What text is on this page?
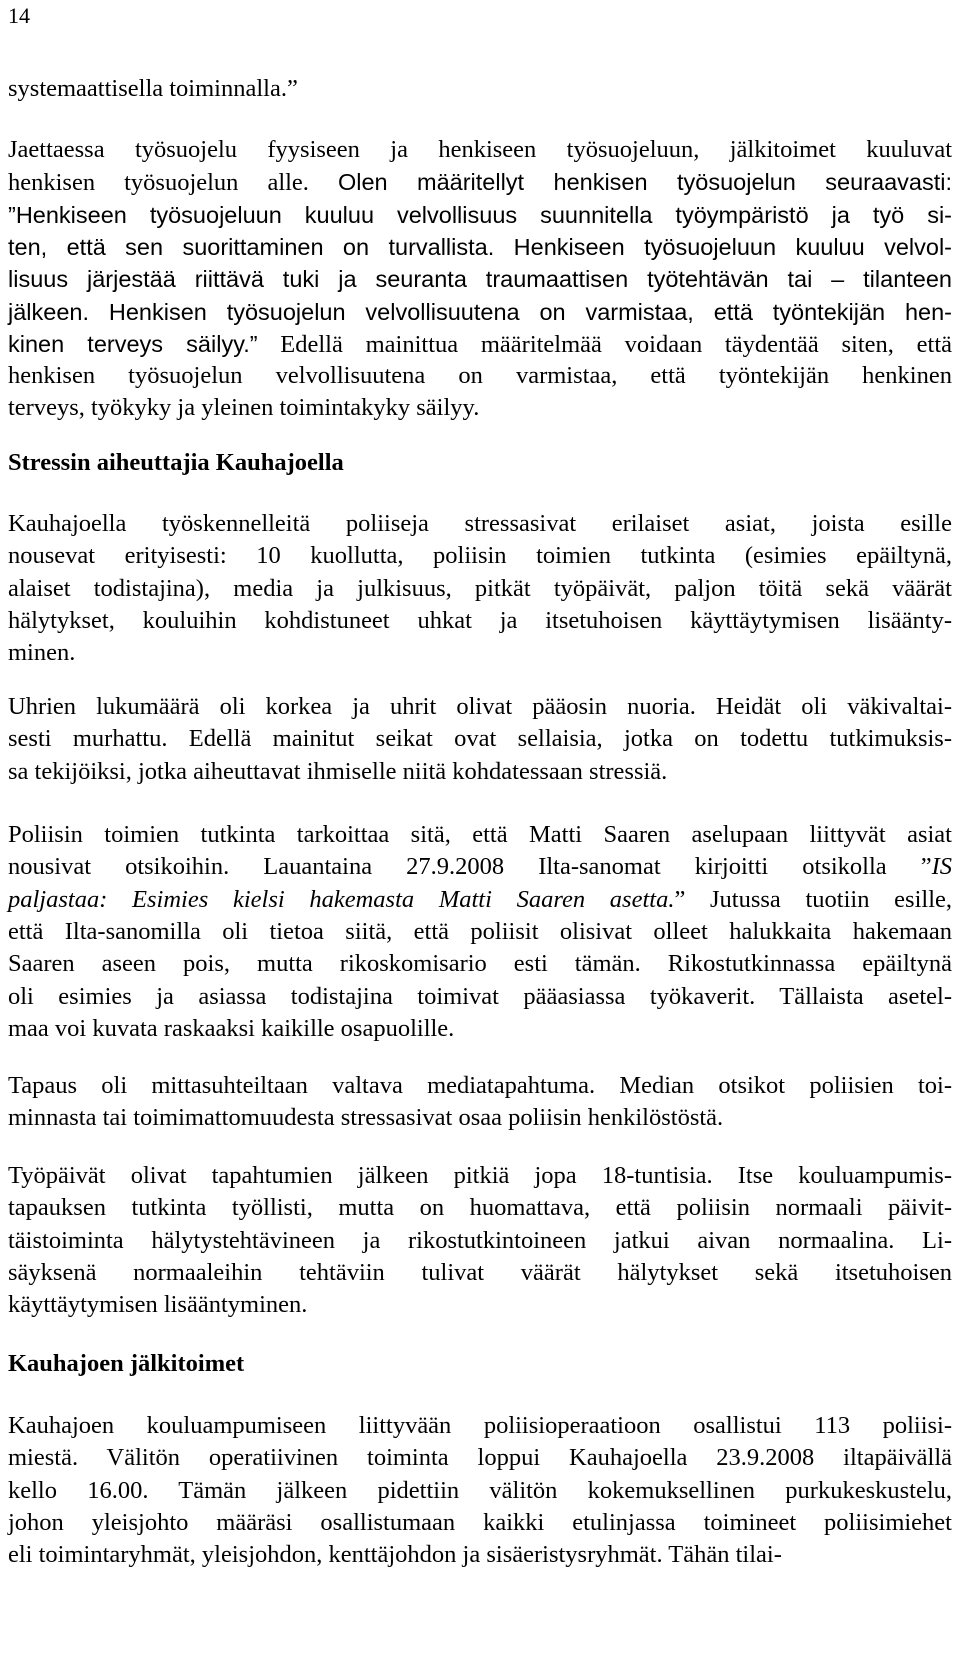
14
systemaattisella toiminnalla.”
Jaettaessa työsuojelu fyysiseen ja henkiseen työsuojeluun, jälkitoimet kuuluvat
henkisen työsuojelun alle. Olen määritellyt henkisen työsuojelun seuraavasti:
”Henkiseen työsuojeluun kuuluu velvollisuus suunnitella työympäristö ja työ si-
ten, että sen suorittaminen on turvallista. Henkiseen työsuojeluun kuuluu velvol-
lisuus järjestää riittävä tuki ja seuranta traumaattisen työtehtävän tai – tilanteen
jälkeen. Henkisen työsuojelun velvollisuutena on varmistaa, että työntekijän hen-
kinen terveys säilyy.” Edellä mainittua määritelmää voidaan täydentää siten, että
henkisen työsuojelun velvollisuutena on varmistaa, että työntekijän henkinen
terveys, työkyky ja yleinen toimintakyky säilyy.
Stressin aiheuttajia Kauhajoella
Kauhajoella työskennelleitä poliiseja stressasivat erilaiset asiat, joista esille
nousevat erityisesti: 10 kuollutta, poliisin toimien tutkinta (esimies epäiltynä,
alaiset todistajina), media ja julkisuus, pitkät työpäivät, paljon töitä sekä väärät
hälytykset, kouluihin kohdistuneet uhkat ja itsetuhoisen käyttäytymisen lisäänty-
minen.
Uhrien lukumäärä oli korkea ja uhrit olivat pääosin nuoria. Heidät oli väkivaltai-
sesti murhattu. Edellä mainitut seikat ovat sellaisia, jotka on todettu tutkimuksis-
sa tekijöiksi, jotka aiheuttavat ihmiselle niitä kohdatessaan stressiä.
Poliisin toimien tutkinta tarkoittaa sitä, että Matti Saaren aselupaan liittyvät asiat
nousivat otsikoihin. Lauantaina 27.9.2008 Ilta-sanomat kirjoitti otsikolla ”IS
paljastaa: Esimies kielsi hakemasta Matti Saaren asetta.” Jutussa tuotiin esille,
että Ilta-sanomilla oli tietoa siitä, että poliisit olisivat olleet halukkaita hakemaan
Saaren aseen pois, mutta rikoskomisario esti tämän. Rikostutkinnassa epäiltynä
oli esimies ja asiassa todistajina toimivat pääasiassa työkaverit. Tällaista asetel-
maa voi kuvata raskaaksi kaikille osapuolille.
Tapaus oli mittasuhteiltaan valtava mediatapahtuma. Median otsikot poliisien toi-
minnasta tai toimimattomuudesta stressasivat osaa poliisin henkilöstöstä.
Työpäivät olivat tapahtumien jälkeen pitkiä jopa 18-tuntisia. Itse kouluampumis-
tapauksen tutkinta työllisti, mutta on huomattava, että poliisin normaali päivit-
täistoiminta hälytystehtävineen ja rikostutkintoineen jatkui aivan normaalina. Li-
säyksenä normaaleihin tehtäviin tulivat väärät hälytykset sekä itsetuhoisen
käyttäytymisen lisääntyminen.
Kauhajoen jälkitoimet
Kauhajoen kouluampumiseen liittyvään poliisioperaatioon osallistui 113 poliisi-
miestä. Välitön operatiivinen toiminta loppui Kauhajoella 23.9.2008 iltapäivällä
kello 16.00. Tämän jälkeen pidettiin välitön kokemuksellinen purkukeskustelu,
johon yleisjohto määräsi osallistumaan kaikki etulinjassa toimineet poliisimiehet
eli toimintaryhmät, yleisjohdon, kenttäjohdon ja sisäeristysryhmät. Tähän tilai-
